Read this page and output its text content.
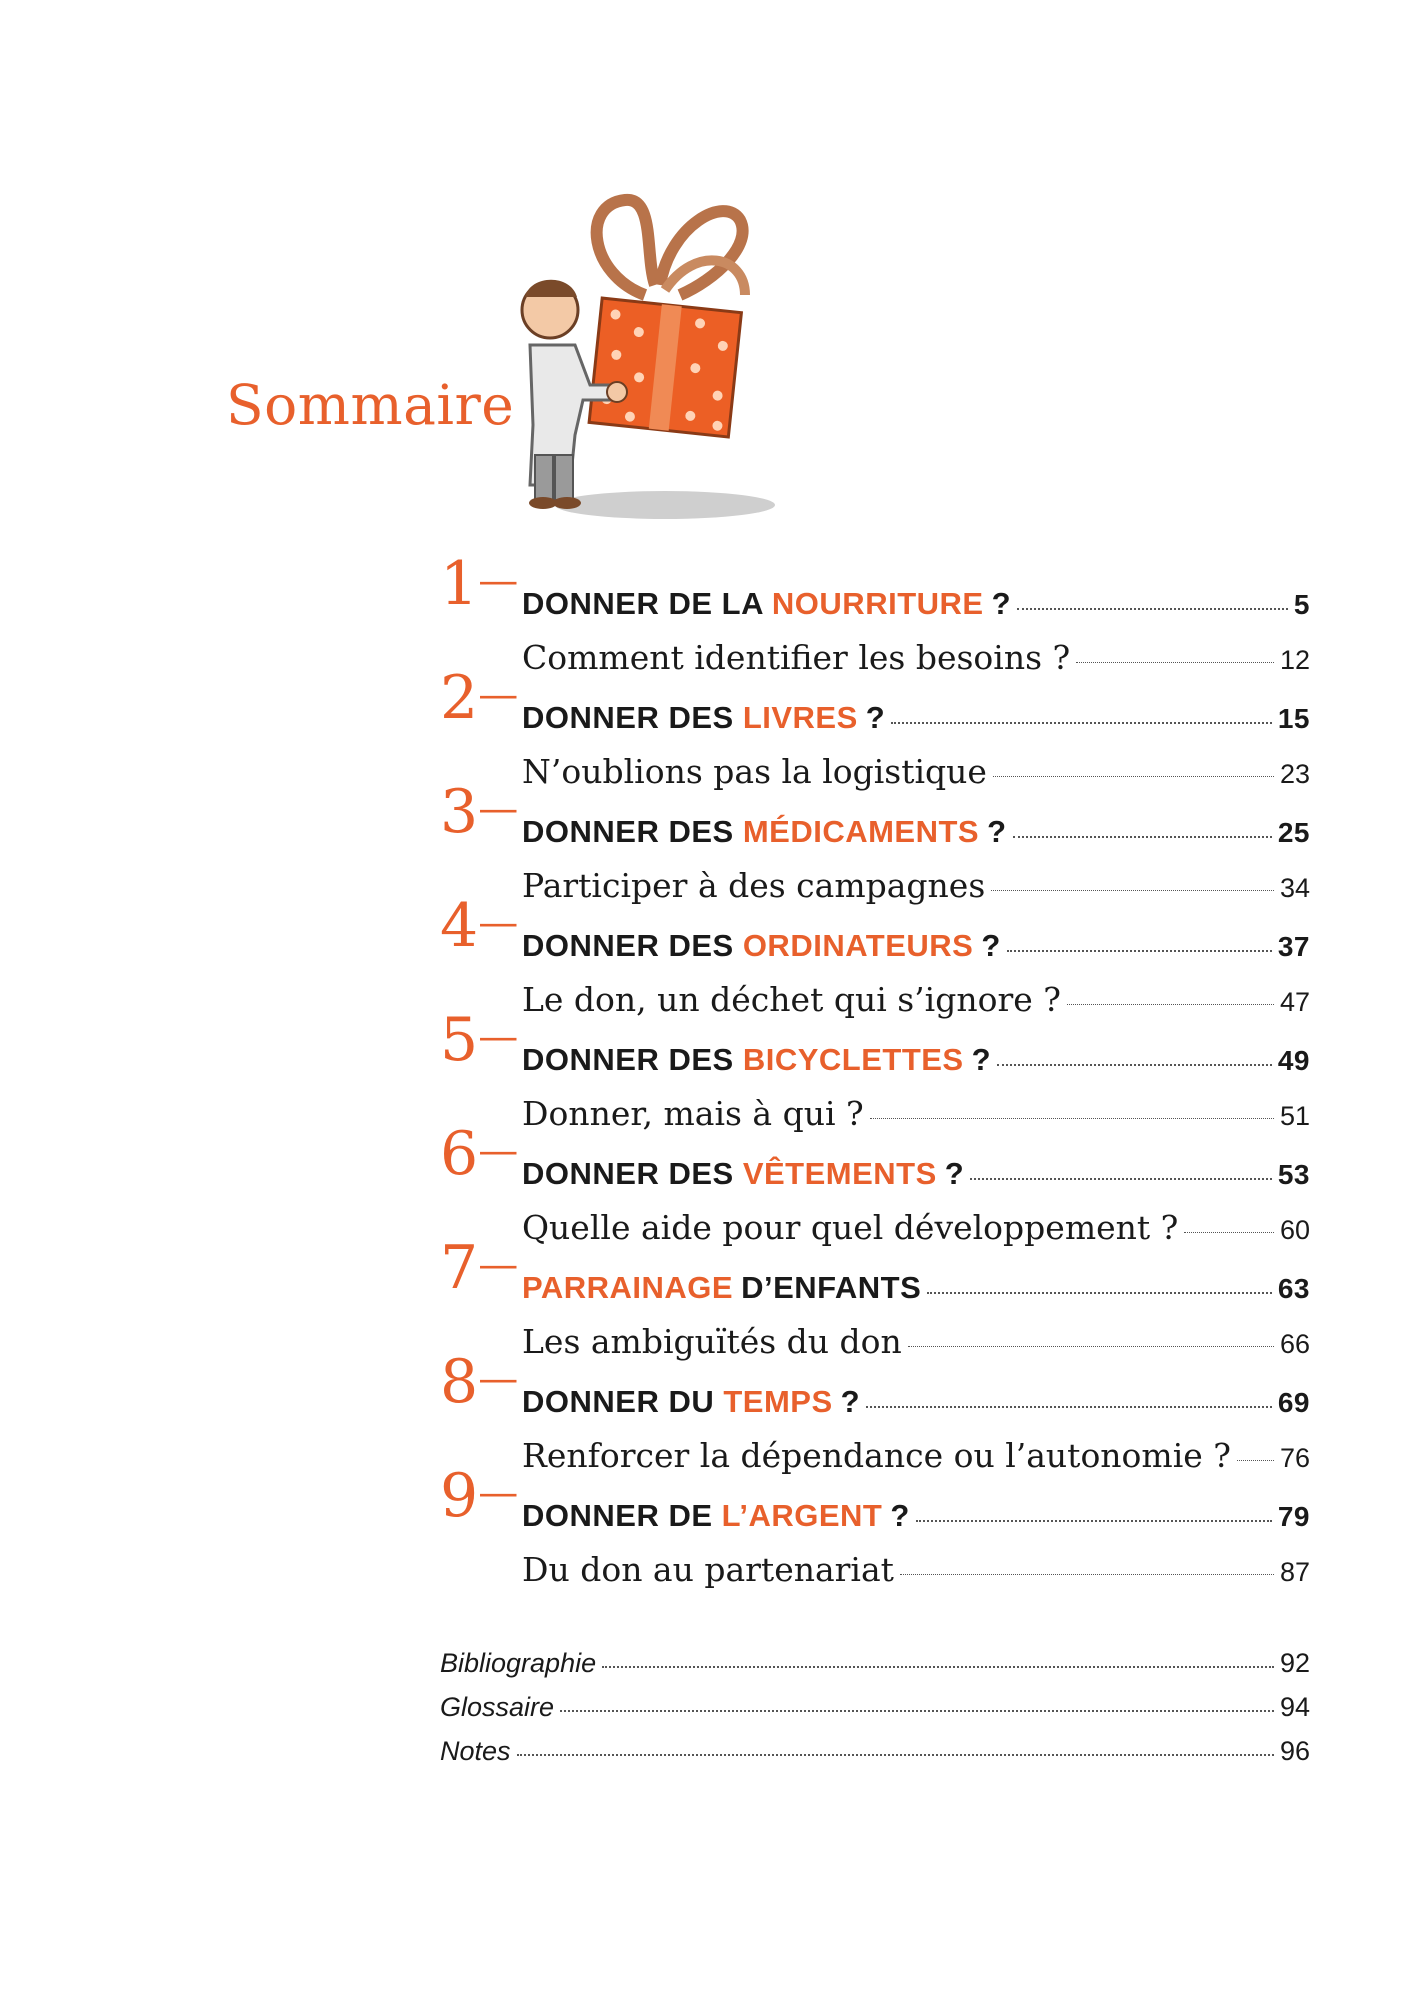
Sommaire
1— DONNER DE LA NOURRITURE ?	5
Comment identifier les besoins ?	12
2— DONNER DES LIVRES ?	15
N’oublions pas la logistique	23
3— DONNER DES MÉDICAMENTS ?	25
Participer à des campagnes	34
4— DONNER DES ORDINATEURS ?	37
Le don, un déchet qui s’ignore ?	47
5— DONNER DES BICYCLETTES ?	49
Donner, mais à qui ?	51
6— DONNER DES VÊTEMENTS ?	53
Quelle aide pour quel développement ?	60
7— PARRAINAGE D’ENFANTS	63
Les ambiguïtés du don	66
8— DONNER DU TEMPS ?	69
Renforcer la dépendance ou l’autonomie ? 76
9— DONNER DE L’ARGENT ?	79
Du don au partenariat	87
Bibliographie	92
Glossaire	94
Notes	96
